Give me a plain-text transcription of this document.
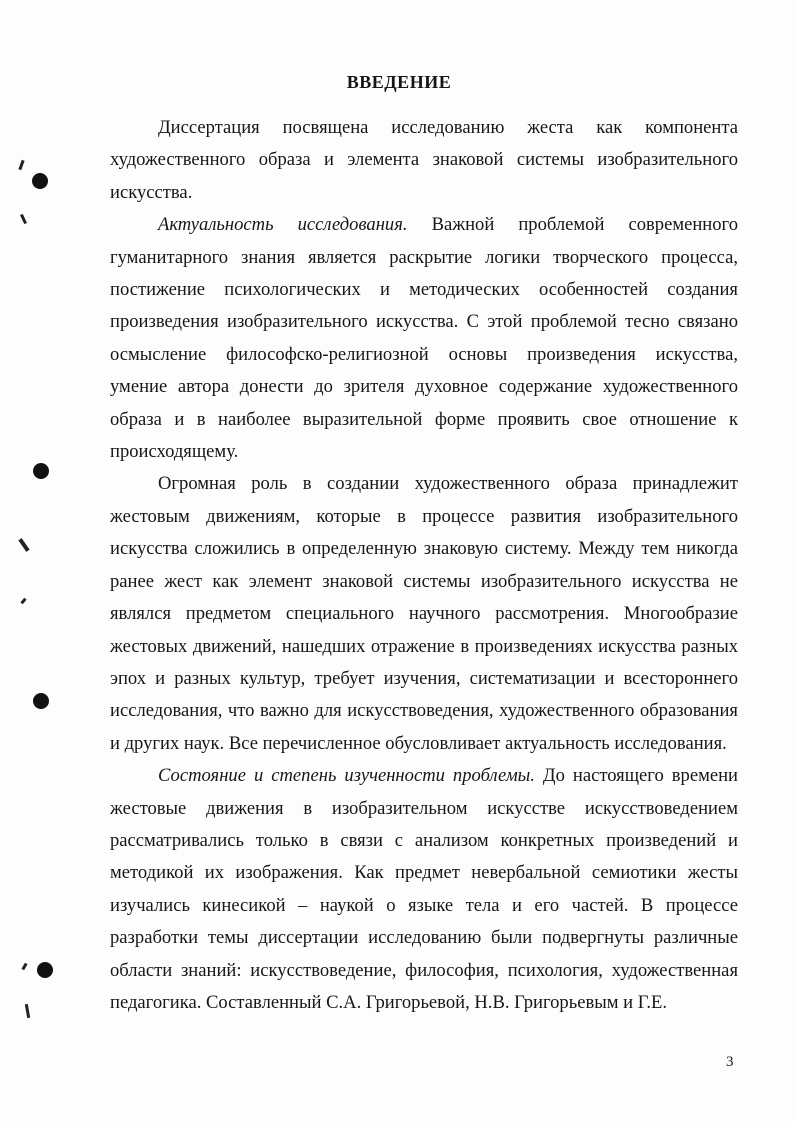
ВВЕДЕНИЕ

Диссертация посвящена исследованию жеста как компонента художественного образа и элемента знаковой системы изобразительного искусства.

Актуальность исследования. Важной проблемой современного гуманитарного знания является раскрытие логики творческого процесса, постижение психологических и методических особенностей создания произведения изобразительного искусства. С этой проблемой тесно связано осмысление философско-религиозной основы произведения искусства, умение автора донести до зрителя духовное содержание художественного образа и в наиболее выразительной форме проявить свое отношение к происходящему.

Огромная роль в создании художественного образа принадлежит жестовым движениям, которые в процессе развития изобразительного искусства сложились в определенную знаковую систему. Между тем никогда ранее жест как элемент знаковой системы изобразительного искусства не являлся предметом специального научного рассмотрения. Многообразие жестовых движений, нашедших отражение в произведениях искусства разных эпох и разных культур, требует изучения, систематизации и всестороннего исследования, что важно для искусствоведения, художественного образования и других наук. Все перечисленное обусловливает актуальность исследования.

Состояние и степень изученности проблемы. До настоящего времени жестовые движения в изобразительном искусстве искусствоведением рассматривались только в связи с анализом конкретных произведений и методикой их изображения. Как предмет невербальной семиотики жесты изучались кинесикой – наукой о языке тела и его частей. В процессе разработки темы диссертации исследованию были подвергнуты различные области знаний: искусствоведение, философия, психология, художественная педагогика. Составленный С.А. Григорьевой, Н.В. Григорьевым и Г.Е.

3
